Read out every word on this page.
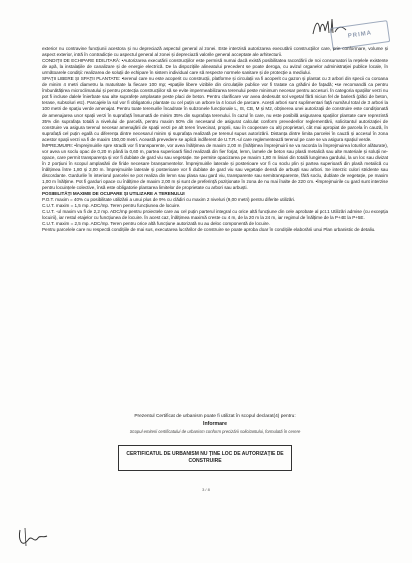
PRIMA

exterior nu contravine funcțiunii acestora și nu depreciază aspectul general al zonei. Este interzisă autorizarea executării construcțiilor care, prin conformare, volume și aspect exterior, intră în contradicție cu aspectul general al zonei și depreciază valorile general acceptate ale arhitecturii.

CONDIȚII DE ECHIPARE EDILITARĂ: •Autorizarea executării construcțiilor este permisă numai dacă există posibilitatea racordării de noi consumatori la rețelele existente de apă, la instalațiile de canalizare și de energie electrică. De la dispozițiile alineatului precedent se poate deroga, cu avizul organelor administrației publice locale, în următoarele condiții: realizarea de soluții de echipare în sistem individual care să respecte normele sanitare și de protecție a mediului.

SPAȚII LIBERE ȘI SPAȚII PLANTATE: •terenul care nu este acoperit cu construcții, platforme și circulații va fi acoperit cu gazon și plantat cu 3 arbori din specii cu coroana de minim 4 metri diametru la maturitate la fiecare 100 mp; •spațiile libere vizibile din circulațiile publice vor fi tratate ca grădini de fațadă; •se recomandă ca pentru îmbunătățirea microclimatului și pentru protecția construcțiilor să se evite impermeabilizarea terenului peste minimum necesar pentru accesuri. În categoria spațiilor verzi nu pot fi incluse dalele înierbate sau alte suprafețe amplasate peste placi de beton. Pentru clarificare vor avea dedesubt sol vegetal fără niciun fel de barieră (plăci de beton, terase, subsoluri etc). Parcajele la sol vor fi obligatoriu plantate cu cel puțin un arbore la 4 locuri de parcare. Acești arbori sunt suplimentari față numărul total de 3 arbori la 100 metri de spațiu verde amenajat. Pentru toate terenurile încadrate în subzonele funcționale L, IS, CB, M și M2, obținerea unei autorizații de construire este condiționată de amenajarea unor spații verzi în suprafață însumată de minim 35% din suprafața terenului. În cazul în care, nu este posibilă asigurarea spațiilor plantate care reprezintă 35% din suprafața totală a nivelului de parcelă, pentru maxim 50% din necesarul de asigurat calculat conform prevederilor reglementării, solicitantul autorizației de construire va asigura terenul necesar amenajării de spații verzi pe alt teren învecinat, proprii, sau în cooperare cu alți proprietari, cât mai apropiat de parcela în cauză, în suprafață cel puțin egală cu diferența dintre necesarul minim și suprafața realizată pe terenul supus autorizării. Distanța dintre limita parcelei în cauză și accesul în zona acestor spații verzi va fi de maxim 150,00 metri. Această prevedere se aplică indiferent de U.T.R.-ul care reglementează terenul pe care se va asigura spațiul verde.

ÎMPREJMUIRI: •Împrejmuirile spre stradă vor fi transparente, vor avea înălțimea de maxim 2,00 m (înălțimea împrejmuirii se va racorda la împrejmuirea loturilor alăturate), vor avea un soclu opac de 0,20 m până la 0,60 m, partea superioară fiind realizată din fier forjat, lemn, lamele de beton sau plasă metalică sau alte materiale și soluții ne-opace, care permit transparența și vor fi dublate de gard viu sau vegetație. Se permite opacizarea pe maxim 1,80 m liniari din totală lungimea gardului, la un loc sau divizat în 2 porțiuni în scopul amplasării de firide necesare branșamentelor. Împrejmuirile laterale și posterioare vor fi cu soclu plin și partea superioară din plasă metalică cu înălțimea între 1,80 și 2,00 m. Împrejmuirile laterale și posterioare vor fi dublate de gard viu sau vegetație densă de arbuști sau arbori. Se interzic culori stridente sau discordante. Gardurile în interiorul parcelei se pot realiza din lemn sau plasa sau gard viu, transparente sau semitransparente, fără soclu, dublate de vegetație, pe maxim 1,00 m înălțime. Pot fi garduri opace cu înălțime de maxim 2,00 m și sunt de preferință poziționate în zona de nu mai înalte de 220 cm. •Împrejmuirile cu gard sunt interzise pentru locuințele colective, însă este obligatorie plantarea limitelor de proprietate cu arbori sau arbuști.

POSIBILITĂȚI MAXIME DE OCUPARE ȘI UTILIZARE A TERENULUI

P.O.T. maxim = 40% cu posibilitate utilizării a unui plus de 9% cu clădiri cu maxim 2 niveluri (9,00 metri) pentru diferite utilizări.

C.U.T. maxim = 1,5 mp. ADC/mp. Teren pentru funcțiunea de locuire.

C.U.T. -ul maxim va fi de 2,2 mp. ADC/mp pentru proiectele care au cel puțin parterul integral cu orice altă funcțiune din cele aprobate al pct.1 Utilizări admise (cu excepția locuirii), iar restul etajelor cu funcțiunea de locuire. În acest caz, înălțimea maximă creste cu 4 m, de la 20 m la 24 m, iar regimul de înălțime de la P+4E la P+5E.

C.U.T. maxim = 2,5 mp. ADC/mp. Teren pentru orice altă funcțiune autorizată nu au deloc componentă de locuire.

Pentru parcelele care nu respectă condițiile de mai sus, executarea lucrărilor de construire se poate aproba doar în condițiile elaborării unui Plan urbanistic de detaliu.

Prezentul Certificat de urbanism poate fi utilizat în scopul declarat(4) pentru:
Informare
Scopul emiterii certificatului de urbanism conform precizării solicitantului, formulată în cerere
CERTIFICATUL DE URBANISM NU ȚINE LOC DE AUTORIZAȚIE DE CONSTRUIRE
3 / 8
